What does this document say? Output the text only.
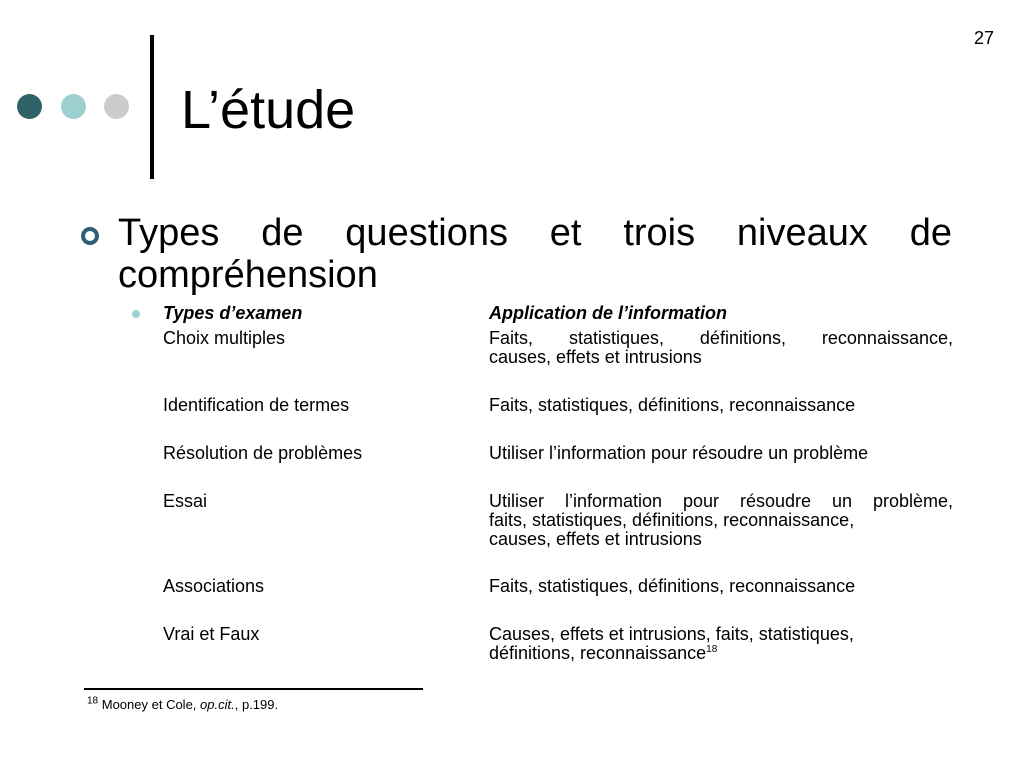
27
L’étude
Types de questions et trois niveaux de compréhension
Types d’examen	Application de l’information
Choix multiples	Faits, statistiques, définitions, reconnaissance,
causes, effets et intrusions
Identification de termes	Faits, statistiques, définitions, reconnaissance
Résolution de problèmes	Utiliser l’information pour résoudre un problème
Essai	Utiliser l’information pour résoudre un problème,
faits, statistiques, définitions, reconnaissance,
causes, effets et intrusions
Associations	Faits, statistiques, définitions, reconnaissance
Vrai et Faux	Causes, effets et intrusions, faits, statistiques,
définitions, reconnaissance$^{18}$
$^{18}$ Mooney et Cole, op.cit., p.199.
